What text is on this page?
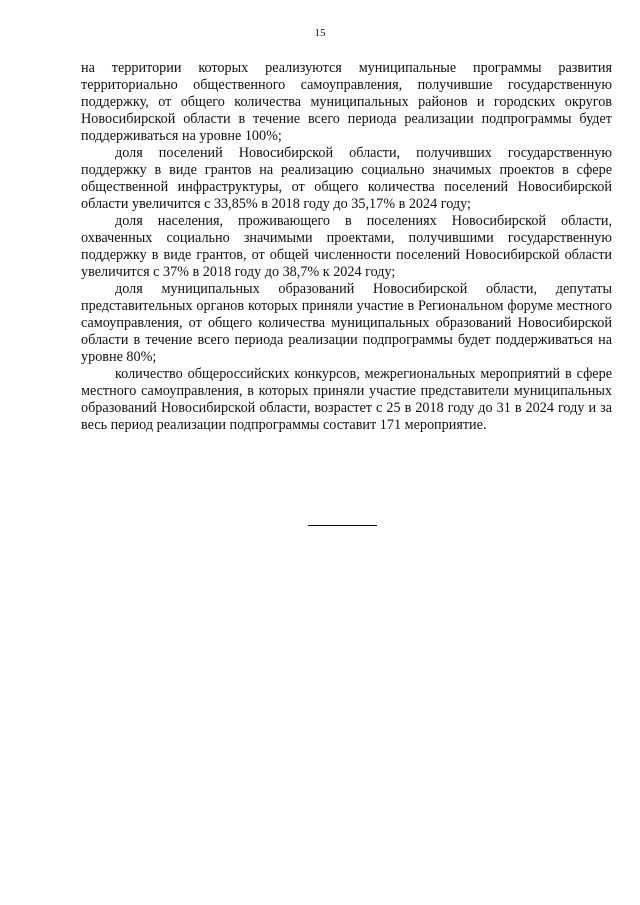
15

на территории которых реализуются муниципальные программы развития территориально общественного самоуправления, получившие государственную поддержку, от общего количества муниципальных районов и городских округов Новосибирской области в течение всего периода реализации подпрограммы будет поддерживаться на уровне 100%;

доля поселений Новосибирской области, получивших государственную поддержку в виде грантов на реализацию социально значимых проектов в сфере общественной инфраструктуры, от общего количества поселений Новосибирской области увеличится с 33,85% в 2018 году до 35,17% в 2024 году;

доля населения, проживающего в поселениях Новосибирской области, охваченных социально значимыми проектами, получившими государственную поддержку в виде грантов, от общей численности поселений Новосибирской области увеличится с 37% в 2018 году до 38,7% к 2024 году;

доля муниципальных образований Новосибирской области, депутаты представительных органов которых приняли участие в Региональном форуме местного самоуправления, от общего количества муниципальных образований Новосибирской области в течение всего периода реализации подпрограммы будет поддерживаться на уровне 80%;

количество общероссийских конкурсов, межрегиональных мероприятий в сфере местного самоуправления, в которых приняли участие представители муниципальных образований Новосибирской области, возрастет с 25 в 2018 году до 31 в 2024 году и за весь период реализации подпрограммы составит 171 мероприятие.
